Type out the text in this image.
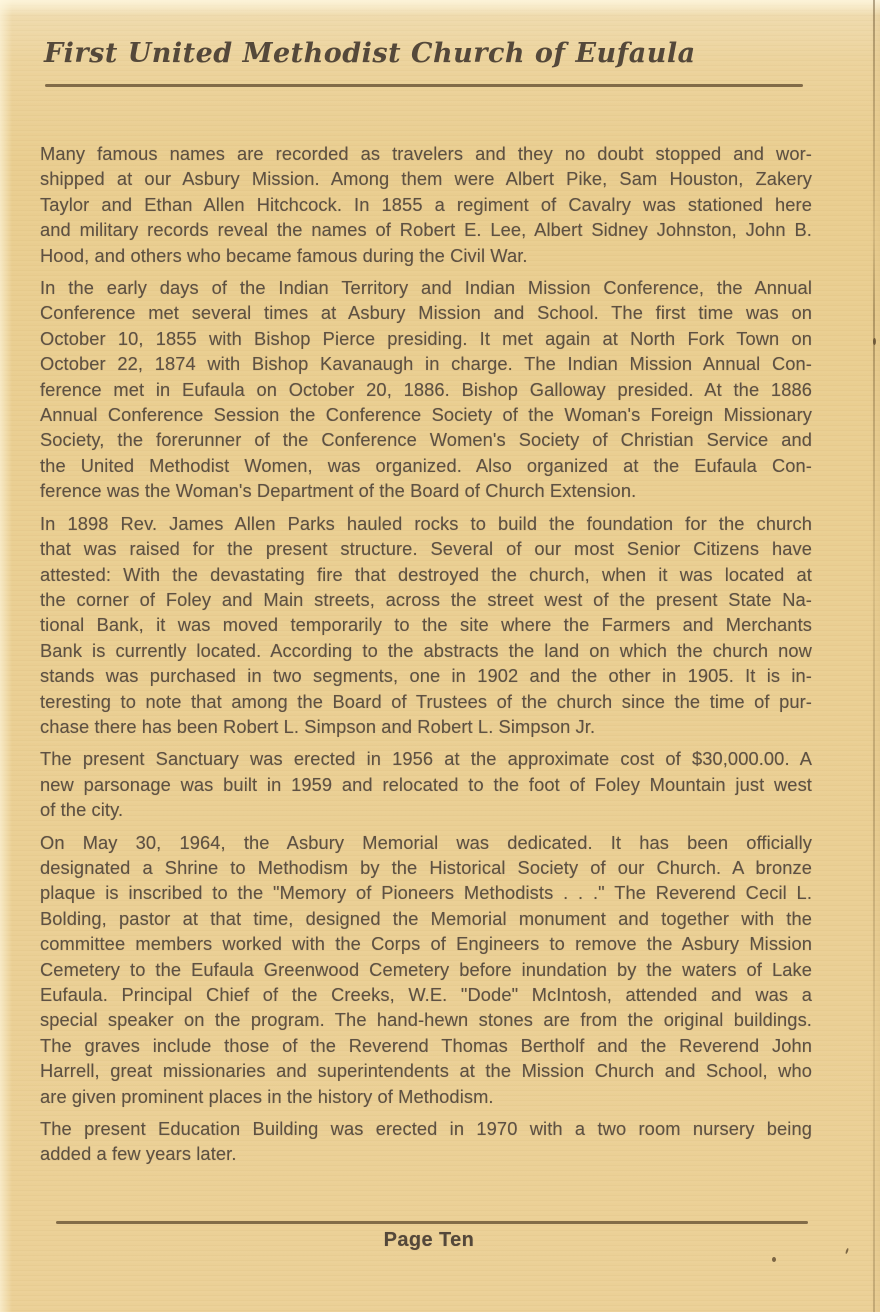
First United Methodist Church of Eufaula
Many famous names are recorded as travelers and they no doubt stopped and wor-
shipped at our Asbury Mission. Among them were Albert Pike, Sam Houston, Zakery
Taylor and Ethan Allen Hitchcock. In 1855 a regiment of Cavalry was stationed here
and military records reveal the names of Robert E. Lee, Albert Sidney Johnston, John B.
Hood, and others who became famous during the Civil War.
In the early days of the Indian Territory and Indian Mission Conference, the Annual
Conference met several times at Asbury Mission and School. The first time was on
October 10, 1855 with Bishop Pierce presiding. It met again at North Fork Town on
October 22, 1874 with Bishop Kavanaugh in charge. The Indian Mission Annual Con-
ference met in Eufaula on October 20, 1886. Bishop Galloway presided. At the 1886
Annual Conference Session the Conference Society of the Woman's Foreign Missionary
Society, the forerunner of the Conference Women's Society of Christian Service and
the United Methodist Women, was organized. Also organized at the Eufaula Con-
ference was the Woman's Department of the Board of Church Extension.
In 1898 Rev. James Allen Parks hauled rocks to build the foundation for the church
that was raised for the present structure. Several of our most Senior Citizens have
attested: With the devastating fire that destroyed the church, when it was located at
the corner of Foley and Main streets, across the street west of the present State Na-
tional Bank, it was moved temporarily to the site where the Farmers and Merchants
Bank is currently located. According to the abstracts the land on which the church now
stands was purchased in two segments, one in 1902 and the other in 1905. It is in-
teresting to note that among the Board of Trustees of the church since the time of pur-
chase there has been Robert L. Simpson and Robert L. Simpson Jr.
The present Sanctuary was erected in 1956 at the approximate cost of $30,000.00. A
new parsonage was built in 1959 and relocated to the foot of Foley Mountain just west
of the city.
On May 30, 1964, the Asbury Memorial was dedicated. It has been officially
designated a Shrine to Methodism by the Historical Society of our Church. A bronze
plaque is inscribed to the "Memory of Pioneers Methodists . . ." The Reverend Cecil L.
Bolding, pastor at that time, designed the Memorial monument and together with the
committee members worked with the Corps of Engineers to remove the Asbury Mission
Cemetery to the Eufaula Greenwood Cemetery before inundation by the waters of Lake
Eufaula. Principal Chief of the Creeks, W.E. "Dode" McIntosh, attended and was a
special speaker on the program. The hand-hewn stones are from the original buildings.
The graves include those of the Reverend Thomas Bertholf and the Reverend John
Harrell, great missionaries and superintendents at the Mission Church and School, who
are given prominent places in the history of Methodism.
The present Education Building was erected in 1970 with a two room nursery being
added a few years later.
Page Ten
